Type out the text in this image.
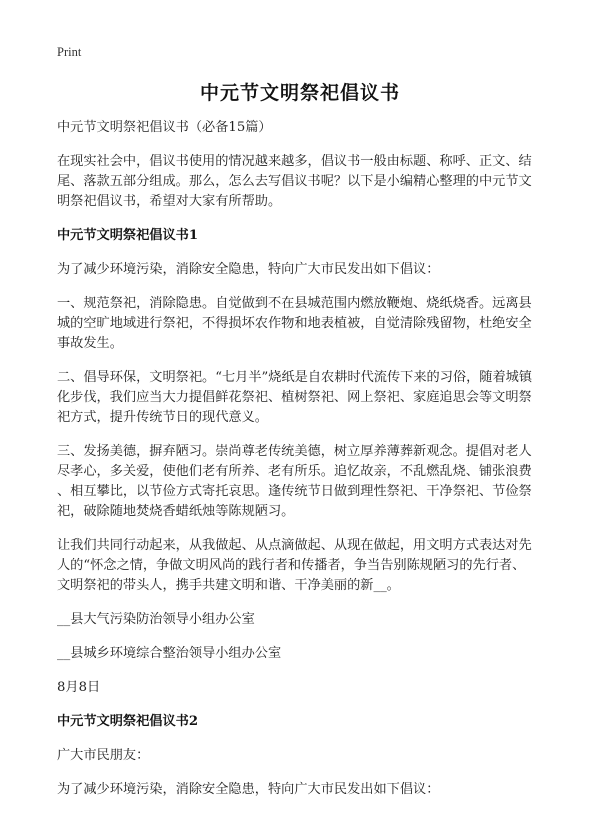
Print
中元节文明祭祀倡议书
中元节文明祭祀倡议书（必备15篇）
在现实社会中，倡议书使用的情况越来越多，倡议书一般由标题、称呼、正文、结
尾、落款五部分组成。那么，怎么去写倡议书呢？以下是小编精心整理的中元节文
明祭祀倡议书，希望对大家有所帮助。
中元节文明祭祀倡议书1
为了减少环境污染，消除安全隐患，特向广大市民发出如下倡议：
一、规范祭祀，消除隐患。自觉做到不在县城范围内燃放鞭炮、烧纸烧香。远离县
城的空旷地域进行祭祀，不得损坏农作物和地表植被，自觉清除残留物，杜绝安全
事故发生。
二、倡导环保，文明祭祀。“七月半”烧纸是自农耕时代流传下来的习俗，随着城镇
化步伐，我们应当大力提倡鲜花祭祀、植树祭祀、网上祭祀、家庭追思会等文明祭
祀方式，提升传统节日的现代意义。
三、发扬美德，摒弃陋习。崇尚尊老传统美德，树立厚养薄葬新观念。提倡对老人
尽孝心，多关爱，使他们老有所养、老有所乐。追忆故亲，不乱燃乱烧、铺张浪费
、相互攀比，以节俭方式寄托哀思。逢传统节日做到理性祭祀、干净祭祀、节俭祭
祀，破除随地焚烧香蜡纸烛等陈规陋习。
让我们共同行动起来，从我做起、从点滴做起、从现在做起，用文明方式表达对先
人的“怀念之情，争做文明风尚的践行者和传播者，争当告别陈规陋习的先行者、
文明祭祀的带头人，携手共建文明和谐、干净美丽的新__。
__县大气污染防治领导小组办公室
__县城乡环境综合整治领导小组办公室
8月8日
中元节文明祭祀倡议书2
广大市民朋友：
为了减少环境污染，消除安全隐患，特向广大市民发出如下倡议：
